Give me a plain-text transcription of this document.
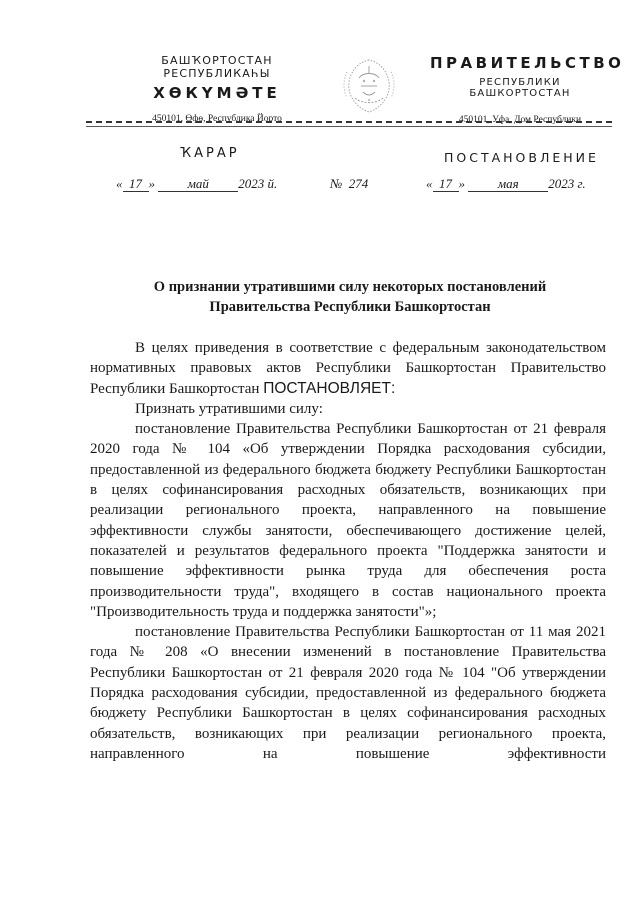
БАШҠОРТОСТАН РЕСПУБЛИКАҺЫ
ХӨКҮМӘТЕ
450101, Өфө, Республика Йорто
ПРАВИТЕЛЬСТВО
РЕСПУБЛИКИ БАШКОРТОСТАН
450101, Уфа, Дом Республики
ҠАРАР	ПОСТАНОВЛЕНИЕ
« 17 »	май 2023 й.	№ 274	« 17 »	мая 2023 г.
О признании утратившими силу некоторых постановлений
Правительства Республики Башкортостан

В целях приведения в соответствие с федеральным законодательством нормативных правовых актов Республики Башкортостан Правительство Республики Башкортостан ПОСТАНОВЛЯЕТ:

Признать утратившими силу:

постановление Правительства Республики Башкортостан от 21 февраля 2020 года № 104 «Об утверждении Порядка расходования субсидии, предоставленной из федерального бюджета бюджету Республики Башкортостан в целях софинансирования расходных обязательств, возникающих при реализации регионального проекта, направленного на повышение эффективности службы занятости, обеспечивающего достижение целей, показателей и результатов федерального проекта "Поддержка занятости и повышение эффективности рынка труда для обеспечения роста производительности труда", входящего в состав национального проекта "Производительность труда и поддержка занятости"»;

постановление Правительства Республики Башкортостан от 11 мая 2021 года № 208 «О внесении изменений в постановление Правительства Республики Башкортостан от 21 февраля 2020 года № 104 "Об утверждении Порядка расходования субсидии, предоставленной из федерального бюджета бюджету Республики Башкортостан в целях софинансирования расходных обязательств, возникающих при реализации регионального проекта, направленного на повышение эффективности
